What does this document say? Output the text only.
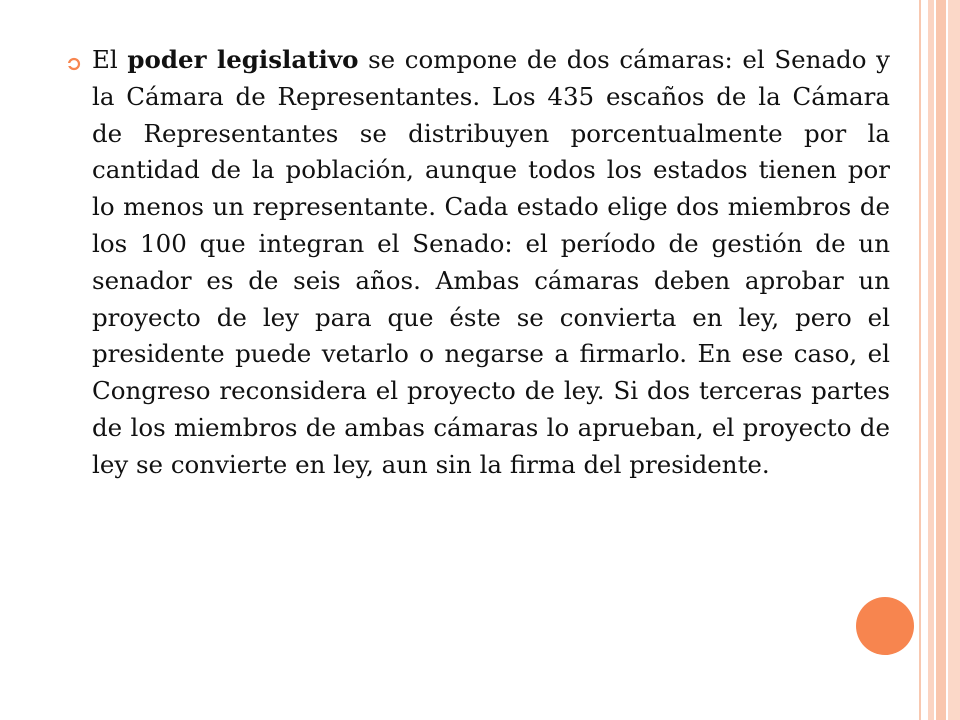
El poder legislativo se compone de dos cámaras: el Senado y la Cámara de Representantes. Los 435 escaños de la Cámara de Representantes se distribuyen porcentualmente por la cantidad de la población, aunque todos los estados tienen por lo menos un representante. Cada estado elige dos miembros de los 100 que integran el Senado: el período de gestión de un senador es de seis años. Ambas cámaras deben aprobar un proyecto de ley para que éste se convierta en ley, pero el presidente puede vetarlo o negarse a firmarlo. En ese caso, el Congreso reconsidera el proyecto de ley. Si dos terceras partes de los miembros de ambas cámaras lo aprueban, el proyecto de ley se convierte en ley, aun sin la firma del presidente.
